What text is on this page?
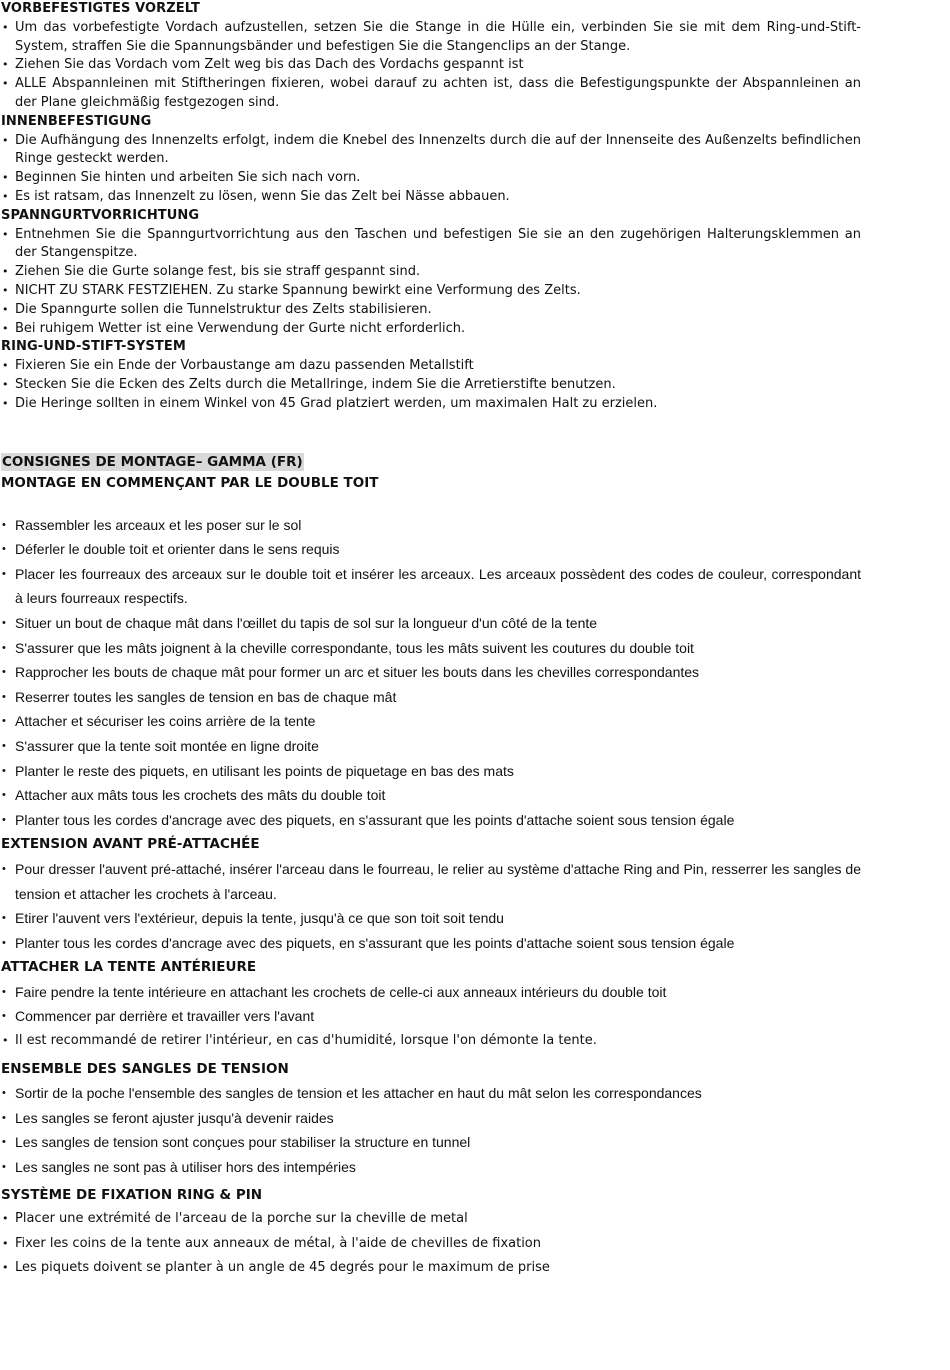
VORBEFESTIGTES VORZELT
• Um das vorbefestigte Vordach aufzustellen, setzen Sie die Stange in die Hülle ein, verbinden Sie sie mit dem Ring-und-Stift-System, straffen Sie die Spannungsbänder und befestigen Sie die Stangenclips an der Stange.
• Ziehen Sie das Vordach vom Zelt weg bis das Dach des Vordachs gespannt ist
• ALLE Abspannleinen mit Stiftheringen fixieren, wobei darauf zu achten ist, dass die Befestigungspunkte der Abspannleinen an der Plane gleichmäßig festgezogen sind.
INNENBEFESTIGUNG
• Die Aufhängung des Innenzelts erfolgt, indem die Knebel des Innenzelts durch die auf der Innenseite des Außenzelts befindlichen Ringe gesteckt werden.
• Beginnen Sie hinten und arbeiten Sie sich nach vorn.
• Es ist ratsam, das Innenzelt zu lösen, wenn Sie das Zelt bei Nässe abbauen.
SPANNGURTVORRICHTUNG
• Entnehmen Sie die Spanngurtvorrichtung aus den Taschen und befestigen Sie sie an den zugehörigen Halterungsklemmen an der Stangenspitze.
• Ziehen Sie die Gurte solange fest, bis sie straff gespannt sind.
• NICHT ZU STARK FESTZIEHEN. Zu starke Spannung bewirkt eine Verformung des Zelts.
• Die Spanngurte sollen die Tunnelstruktur des Zelts stabilisieren.
• Bei ruhigem Wetter ist eine Verwendung der Gurte nicht erforderlich.
RING-UND-STIFT-SYSTEM
• Fixieren Sie ein Ende der Vorbaustange am dazu passenden Metallstift
• Stecken Sie die Ecken des Zelts durch die Metallringe, indem Sie die Arretierstifte benutzen.
• Die Heringe sollten in einem Winkel von 45 Grad platziert werden, um maximalen Halt zu erzielen.
CONSIGNES DE MONTAGE– GAMMA (FR)
MONTAGE EN COMMENÇANT PAR LE DOUBLE TOIT
• Rassembler les arceaux et les poser sur le sol
• Déferler le double toit et orienter dans le sens requis
• Placer les fourreaux des arceaux sur le double toit et insérer les arceaux. Les arceaux possèdent des codes de couleur, correspondant à leurs fourreaux respectifs.
• Situer un bout de chaque mât dans l'œillet du tapis de sol sur la longueur d'un côté de la tente
• S'assurer que les mâts joignent à la cheville correspondante, tous les mâts suivent les coutures du double toit
• Rapprocher les bouts de chaque mât pour former un arc et situer les bouts dans les chevilles correspondantes
• Reserrer toutes les sangles de tension en bas de chaque mât
• Attacher et sécuriser les coins arrière de la tente
• S'assurer que la tente soit montée en ligne droite
• Planter le reste des piquets, en utilisant les points de piquetage en bas des mats
• Attacher aux mâts tous les crochets des mâts du double toit
• Planter tous les cordes d'ancrage avec des piquets, en s'assurant que les points d'attache soient sous tension égale
EXTENSION AVANT PRÉ-ATTACHÉE
• Pour dresser l'auvent pré-attaché, insérer l'arceau dans le fourreau, le relier au système d'attache Ring and Pin, resserrer les sangles de tension et attacher les crochets à l'arceau.
• Etirer l'auvent vers l'extérieur, depuis la tente, jusqu'à ce que son toit soit tendu
• Planter tous les cordes d'ancrage avec des piquets, en s'assurant que les points d'attache soient sous tension égale
ATTACHER LA TENTE ANTÉRIEURE
• Faire pendre la tente intérieure en attachant les crochets de celle-ci aux anneaux intérieurs du double toit
• Commencer par derrière et travailler vers l'avant
• Il est recommandé de retirer l'intérieur, en cas d'humidité, lorsque l'on démonte la tente.
ENSEMBLE DES SANGLES DE TENSION
• Sortir de la poche l'ensemble des sangles de tension et les attacher en haut du mât selon les correspondances
• Les sangles se feront ajuster jusqu'à devenir raides
• Les sangles de tension sont conçues pour stabiliser la structure en tunnel
• Les sangles ne sont pas à utiliser hors des intempéries
SYSTÈME DE FIXATION RING & PIN
• Placer une extrémité de l'arceau de la porche sur la cheville de metal
• Fixer les coins de la tente aux anneaux de métal, à l'aide de chevilles de fixation
• Les piquets doivent se planter à un angle de 45 degrés pour le maximum de prise
